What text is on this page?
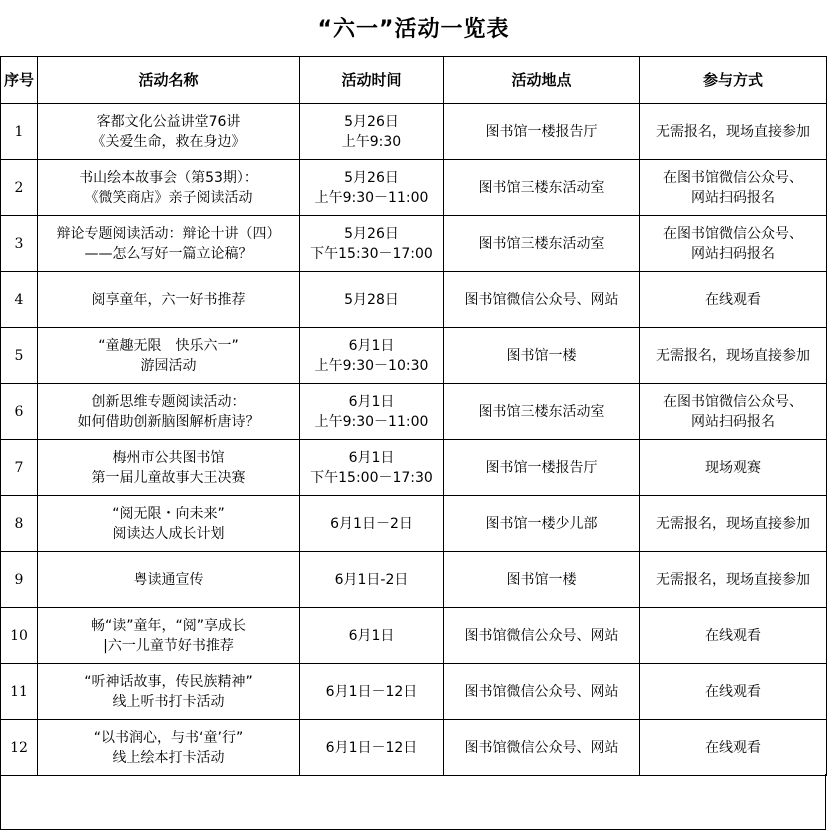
“六一”活动一览表
序号	活动名称	活动时间	活动地点	参与方式
1	客都文化公益讲堂76讲
《关爱生命，救在身边》	5月26日
上午9:30	图书馆一楼报告厅	无需报名，现场直接参加

2	书山绘本故事会（第53期）：
《微笑商店》亲子阅读活动	5月26日
上午9:30－11:00	图书馆三楼东活动室	在图书馆微信公众号、
网站扫码报名

3	辩论专题阅读活动：辩论十讲（四）
——怎么写好一篇立论稿？	5月26日
下午15:30－17:00	图书馆三楼东活动室	在图书馆微信公众号、
网站扫码报名

4	阅享童年，六一好书推荐	5月28日	图书馆微信公众号、网站	在线观看

5	“童趣无限　快乐六一”
游园活动	6月1日
上午9:30－10:30	图书馆一楼	无需报名，现场直接参加

6	创新思维专题阅读活动：
如何借助创新脑图解析唐诗？	6月1日
上午9:30－11:00	图书馆三楼东活动室	在图书馆微信公众号、
网站扫码报名

7	梅州市公共图书馆
第一届儿童故事大王决赛	6月1日
下午15:00－17:30	图书馆一楼报告厅	现场观赛

8	“阅无限・向未来”
阅读达人成长计划	6月1日－2日	图书馆一楼少儿部	无需报名，现场直接参加

9	粤读通宣传	6月1日-2日	图书馆一楼	无需报名，现场直接参加

10	畅“读”童年，“阅”享成长
|六一儿童节好书推荐	6月1日	图书馆微信公众号、网站	在线观看

11	“听神话故事，传民族精神”
线上听书打卡活动	6月1日－12日	图书馆微信公众号、网站	在线观看

12	“以书润心，与书‘童’行”
线上绘本打卡活动	6月1日－12日	图书馆微信公众号、网站	在线观看
